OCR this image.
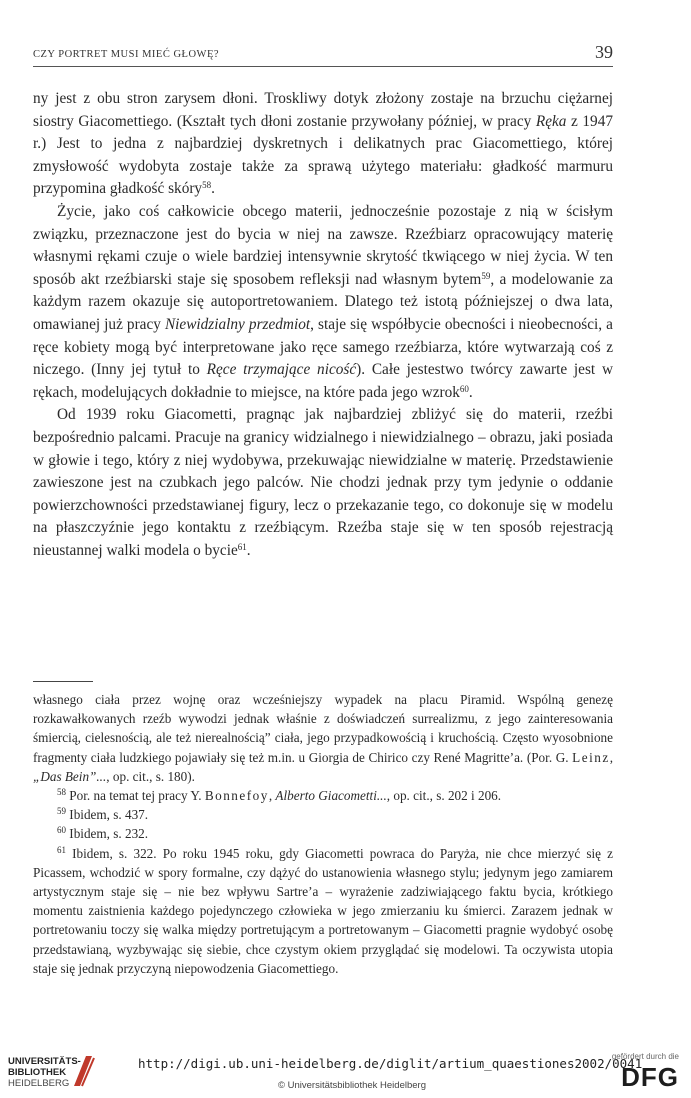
CZY PORTRET MUSI MIEĆ GŁOWĘ?	39

ny jest z obu stron zarysem dłoni. Troskliwy dotyk złożony zostaje na brzuchu ciężarnej siostry Giacomettiego. (Kształt tych dłoni zostanie przywołany później, w pracy Ręka z 1947 r.) Jest to jedna z najbardziej dyskretnych i delikatnych prac Giacomettiego, której zmysłowość wydobyta zostaje także za sprawą użytego materiału: gładkość marmuru przypomina gładkość skóry$^{58}$.

Życie, jako coś całkowicie obcego materii, jednocześnie pozostaje z nią w ścisłym związku, przeznaczone jest do bycia w niej na zawsze. Rzeźbiarz opracowujący materię własnymi rękami czuje o wiele bardziej intensywnie skrytość tkwiącego w niej życia. W ten sposób akt rzeźbiarski staje się sposobem refleksji nad własnym bytem$^{59}$, a modelowanie za każdym razem okazuje się autoportretowaniem. Dlatego też istotą późniejszej o dwa lata, omawianej już pracy Niewidzialny przedmiot, staje się współbycie obecności i nieobecności, a ręce kobiety mogą być interpretowane jako ręce samego rzeźbiarza, które wytwarzają coś z niczego. (Inny jej tytuł to Ręce trzymające nicość). Całe jestestwo twórcy zawarte jest w rękach, modelujących dokładnie to miejsce, na które pada jego wzrok$^{60}$.

Od 1939 roku Giacometti, pragnąc jak najbardziej zbliżyć się do materii, rzeźbi bezpośrednio palcami. Pracuje na granicy widzialnego i niewidzialnego – obrazu, jaki posiada w głowie i tego, który z niej wydobywa, przekuwając niewidzialne w materię. Przedstawienie zawieszone jest na czubkach jego palców. Nie chodzi jednak przy tym jedynie o oddanie powierzchowności przedstawianej figury, lecz o przekazanie tego, co dokonuje się w modelu na płaszczyźnie jego kontaktu z rzeźbiącym. Rzeźba staje się w ten sposób rejestracją nieustannej walki modela o bycie$^{61}$.

własnego ciała przez wojnę oraz wcześniejszy wypadek na placu Piramid. Wspólną genezę rozkawałkowanych rzeźb wywodzi jednak właśnie z doświadczeń surrealizmu, z jego zainteresowania śmiercią, cielesnością, ale też nierealnością” ciała, jego przypadkowością i kruchością. Często wyosobnione fragmenty ciała ludzkiego pojawiały się też m.in. u Giorgia de Chirico czy René Magritte’a. (Por. G. Leinz, „Das Bein”..., op. cit., s. 180).

$^{58}$ Por. na temat tej pracy Y. Bonnefoy, Alberto Giacometti..., op. cit., s. 202 i 206.

$^{59}$ Ibidem, s. 437.

$^{60}$ Ibidem, s. 232.

$^{61}$ Ibidem, s. 322. Po roku 1945 roku, gdy Giacometti powraca do Paryża, nie chce mierzyć się z Picassem, wchodzić w spory formalne, czy dążyć do ustanowienia własnego stylu; jedynym jego zamiarem artystycznym staje się – nie bez wpływu Sartre’a – wyrażenie zadziwiającego faktu bycia, krótkiego momentu zaistnienia każdego pojedynczego człowieka w jego zmierzaniu ku śmierci. Zarazem jednak w portretowaniu toczy się walka między portretującym a portretowanym – Giacometti pragnie wydobyć osobę przedstawianą, wyzbywając się siebie, chce czystym okiem przyglądać się modelowi. Ta oczywista utopia staje się jednak przyczyną niepowodzenia Giacomettiego.

UNIVERSITÄTS-
BIBLIOTHEK
HEIDELBERG
http://digi.ub.uni-heidelberg.de/diglit/artium_quaestiones2002/0041
© Universitätsbibliothek Heidelberg
gefördert durch die
DFG
